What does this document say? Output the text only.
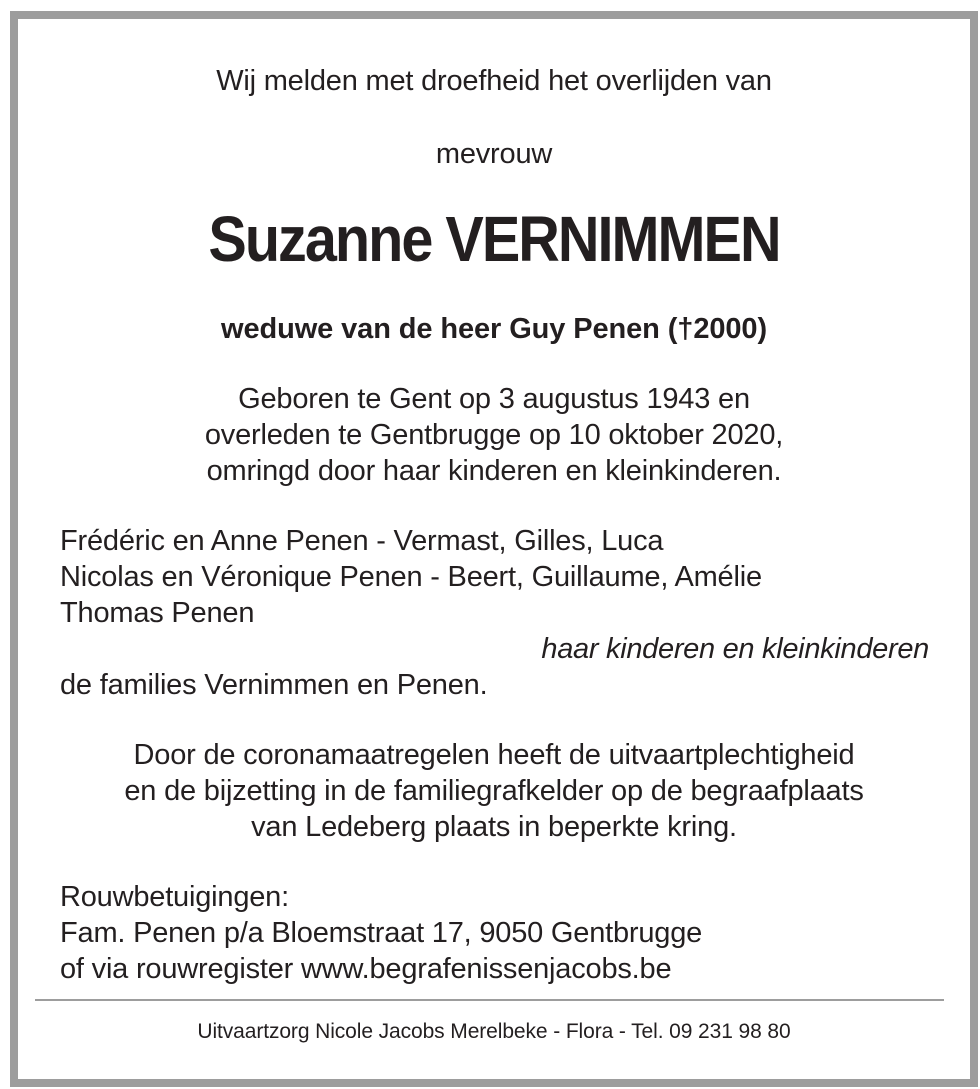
Wij melden met droefheid het overlijden van
mevrouw
Suzanne VERNIMMEN
weduwe van de heer Guy Penen (†2000)
Geboren te Gent op 3 augustus 1943 en
overleden te Gentbrugge op 10 oktober 2020,
omringd door haar kinderen en kleinkinderen.
Frédéric en Anne Penen - Vermast, Gilles, Luca
Nicolas en Véronique Penen - Beert, Guillaume, Amélie
Thomas Penen
haar kinderen en kleinkinderen
de families Vernimmen en Penen.
Door de coronamaatregelen heeft de uitvaartplechtigheid
en de bijzetting in de familiegrafkelder op de begraafplaats
van Ledeberg plaats in beperkte kring.
Rouwbetuigingen:
Fam. Penen p/a Bloemstraat 17, 9050 Gentbrugge
of via rouwregister www.begrafenissenjacobs.be
Uitvaartzorg Nicole Jacobs Merelbeke - Flora - Tel. 09 231 98 80
